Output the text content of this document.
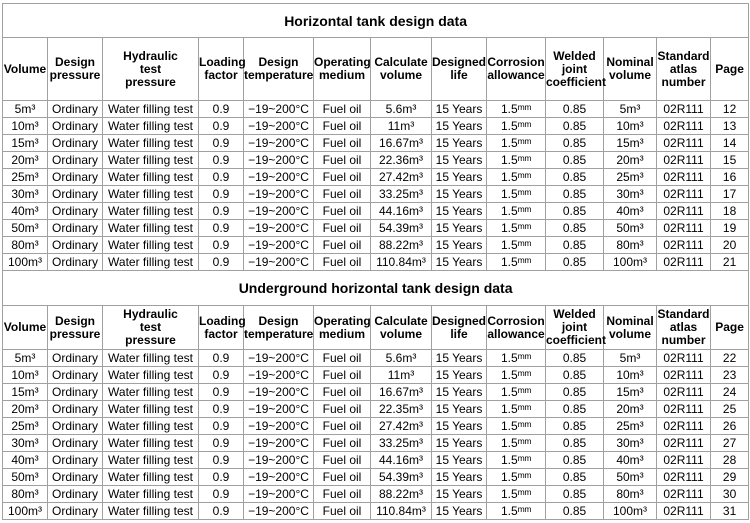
Horizontal tank design data												
Volume	Design
pressure	Hydraulic
test
pressure	Loading
factor	Design
temperature	Operating
medium	Calculate
volume	Designed
life	Corrosion
allowance	Welded
joint
coefficient	Nominal
volume	Standard
atlas
number	Page
5m³	Ordinary	Water filling test	0.9	−19~200°C	Fuel oil	5.6m³	15 Years	$1.5^{mm}$	0.85	5m³	02R111	12
10m³	Ordinary	Water filling test	0.9	−19~200°C	Fuel oil	11m³	15 Years	$1.5^{mm}$	0.85	10m³	02R111	13
15m³	Ordinary	Water filling test	0.9	−19~200°C	Fuel oil	16.67m³	15 Years	$1.5^{mm}$	0.85	15m³	02R111	14
20m³	Ordinary	Water filling test	0.9	−19~200°C	Fuel oil	22.36m³	15 Years	$1.5^{mm}$	0.85	20m³	02R111	15
25m³	Ordinary	Water filling test	0.9	−19~200°C	Fuel oil	27.42m³	15 Years	$1.5^{mm}$	0.85	25m³	02R111	16
30m³	Ordinary	Water filling test	0.9	−19~200°C	Fuel oil	33.25m³	15 Years	$1.5^{mm}$	0.85	30m³	02R111	17
40m³	Ordinary	Water filling test	0.9	−19~200°C	Fuel oil	44.16m³	15 Years	$1.5^{mm}$	0.85	40m³	02R111	18
50m³	Ordinary	Water filling test	0.9	−19~200°C	Fuel oil	54.39m³	15 Years	$1.5^{mm}$	0.85	50m³	02R111	19
80m³	Ordinary	Water filling test	0.9	−19~200°C	Fuel oil	88.22m³	15 Years	$1.5^{mm}$	0.85	80m³	02R111	20
100m³	Ordinary	Water filling test	0.9	−19~200°C	Fuel oil	110.84m³	15 Years	$1.5^{mm}$	0.85	100m³	02R111	21
Underground horizontal tank design data												
Volume	Design
pressure	Hydraulic
test
pressure	Loading
factor	Design
temperature	Operating
medium	Calculate
volume	Designed
life	Corrosion
allowance	Welded
joint
coefficient	Nominal
volume	Standard
atlas
number	Page
5m³	Ordinary	Water filling test	0.9	−19~200°C	Fuel oil	5.6m³	15 Years	$1.5^{mm}$	0.85	5m³	02R111	22
10m³	Ordinary	Water filling test	0.9	−19~200°C	Fuel oil	11m³	15 Years	$1.5^{mm}$	0.85	10m³	02R111	23
15m³	Ordinary	Water filling test	0.9	−19~200°C	Fuel oil	16.67m³	15 Years	$1.5^{mm}$	0.85	15m³	02R111	24
20m³	Ordinary	Water filling test	0.9	−19~200°C	Fuel oil	22.35m³	15 Years	$1.5^{mm}$	0.85	20m³	02R111	25
25m³	Ordinary	Water filling test	0.9	−19~200°C	Fuel oil	27.42m³	15 Years	$1.5^{mm}$	0.85	25m³	02R111	26
30m³	Ordinary	Water filling test	0.9	−19~200°C	Fuel oil	33.25m³	15 Years	$1.5^{mm}$	0.85	30m³	02R111	27
40m³	Ordinary	Water filling test	0.9	−19~200°C	Fuel oil	44.16m³	15 Years	$1.5^{mm}$	0.85	40m³	02R111	28
50m³	Ordinary	Water filling test	0.9	−19~200°C	Fuel oil	54.39m³	15 Years	$1.5^{mm}$	0.85	50m³	02R111	29
80m³	Ordinary	Water filling test	0.9	−19~200°C	Fuel oil	88.22m³	15 Years	$1.5^{mm}$	0.85	80m³	02R111	30
100m³	Ordinary	Water filling test	0.9	−19~200°C	Fuel oil	110.84m³	15 Years	$1.5^{mm}$	0.85	100m³	02R111	31
